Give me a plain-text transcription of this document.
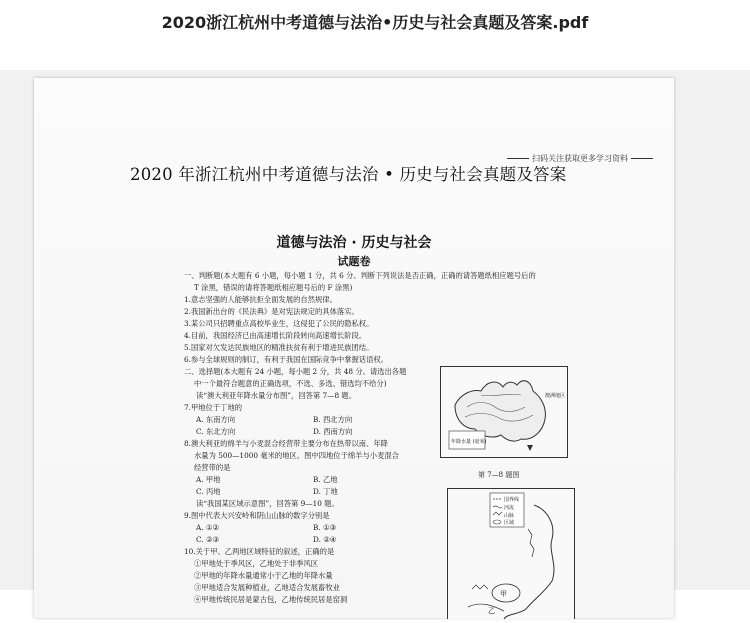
2020浙江杭州中考道德与法治•历史与社会真题及答案.pdf
扫码关注获取更多学习资料
2020 年浙江杭州中考道德与法治 • 历史与社会真题及答案
道德与法治 · 历史与社会
试题卷
一、判断题(本大题有 6 小题，每小题 1 分，共 6 分。判断下列说法是否正确，正确的请答题纸相应题号后的
T 涂黑，错误的请将答题纸相应题号后的 F 涂黑)
1.意志坚强的人能够抗拒全面发展的自然规律。
2.我国新出台的《民法典》是对宪法规定的具体落实。
3.某公司只招聘重点高校毕业生，这侵犯了公民的隐私权。
4.目前，我国经济已由高速增长阶段转向高速增长阶段。
5.国家对欠发达民族地区的精准扶贫有利于增进民族团结。
6.参与全球规则的制订，有利于我国在国际竞争中掌握话语权。
二、选择题(本大题有 24 小题，每小题 2 分，共 48 分。请选出各题
中一个最符合题意的正确选项，不选、多选、错选均不给分)
读“澳大利亚年降水量分布图”，回答第 7—8 题。
7.甲地位于丁地的
A. 东南方向	B. 西北方向
C. 东北方向	D. 西南方向
8.澳大利亚的绵羊与小麦混合经营带主要分布在热带以南、年降
水量为 500—1000 毫米的地区。图中四地位于绵羊与小麦混合
经营带的是
A. 甲地	B. 乙地
C. 丙地	D. 丁地
读“我国某区域示意图”，回答第 9—10 题。
9.图中代表大兴安岭和阴山山脉的数字分别是
A. ①②	B. ①③
C. ②③	D. ②④
10.关于甲、乙两地区域特征的叙述，正确的是
①甲地处于季风区，乙地处于非季风区
②甲地的年降水量通常小于乙地的年降水量
③甲地适合发展种植业，乙地适合发展畜牧业
④甲地传统民居是蒙古包，乙地传统民居是窑洞
年降水量 (毫米)
澳洲地区
第 7—8 题图
国界线
河流
山脉
区域
甲
乙
